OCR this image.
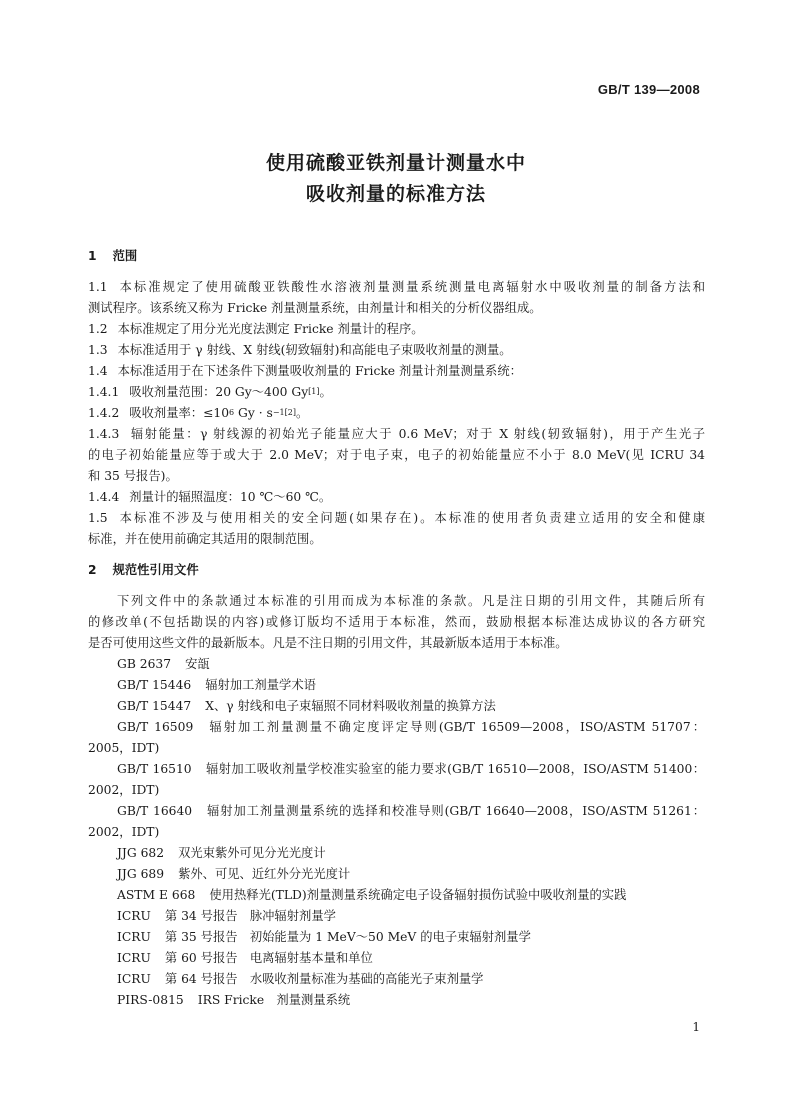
GB/T 139—2008
使用硫酸亚铁剂量计测量水中
吸收剂量的标准方法
1 范围
1.1 本标准规定了使用硫酸亚铁酸性水溶液剂量测量系统测量电离辐射水中吸收剂量的制备方法和
测试程序。该系统又称为 Fricke 剂量测量系统，由剂量计和相关的分析仪器组成。
1.2 本标准规定了用分光光度法测定 Fricke 剂量计的程序。
1.3 本标准适用于 γ 射线、X 射线(轫致辐射)和高能电子束吸收剂量的测量。
1.4 本标准适用于在下述条件下测量吸收剂量的 Fricke 剂量计剂量测量系统：
1.4.1 吸收剂量范围：20 Gy～400 Gy[1]。
1.4.2 吸收剂量率：$\le 10^6$ $Gy \cdot s^{-1[2]}$。
1.4.3 辐射能量：γ 射线源的初始光子能量应大于 0.6 MeV；对于 X 射线(轫致辐射)，用于产生光子
的电子初始能量应等于或大于 2.0 MeV；对于电子束，电子的初始能量应不小于 8.0 MeV(见 ICRU 34
和 35 号报告)。
1.4.4 剂量计的辐照温度：10 ℃～60 ℃。
1.5 本标准不涉及与使用相关的安全问题(如果存在)。本标准的使用者负责建立适用的安全和健康
标准，并在使用前确定其适用的限制范围。
2 规范性引用文件
下列文件中的条款通过本标准的引用而成为本标准的条款。凡是注日期的引用文件，其随后所有
的修改单(不包括勘误的内容)或修订版均不适用于本标准，然而，鼓励根据本标准达成协议的各方研究
是否可使用这些文件的最新版本。凡是不注日期的引用文件，其最新版本适用于本标准。
GB 2637 安瓿
GB/T 15446 辐射加工剂量学术语
GB/T 15447 X、γ 射线和电子束辐照不同材料吸收剂量的换算方法
GB/T 16509 辐射加工剂量测量不确定度评定导则(GB/T 16509—2008，ISO/ASTM 51707：
2005，IDT)
GB/T 16510 辐射加工吸收剂量学校准实验室的能力要求(GB/T 16510—2008，ISO/ASTM 51400：
2002，IDT)
GB/T 16640 辐射加工剂量测量系统的选择和校准导则(GB/T 16640—2008，ISO/ASTM 51261：
2002，IDT)
JJG 682 双光束紫外可见分光光度计
JJG 689 紫外、可见、近红外分光光度计
ASTM E 668 使用热释光(TLD)剂量测量系统确定电子设备辐射损伤试验中吸收剂量的实践
ICRU 第 34 号报告　脉冲辐射剂量学
ICRU 第 35 号报告　初始能量为 1 MeV～50 MeV 的电子束辐射剂量学
ICRU 第 60 号报告　电离辐射基本量和单位
ICRU 第 64 号报告　水吸收剂量标准为基础的高能光子束剂量学
PIRS-0815 IRS Fricke　剂量测量系统
1
